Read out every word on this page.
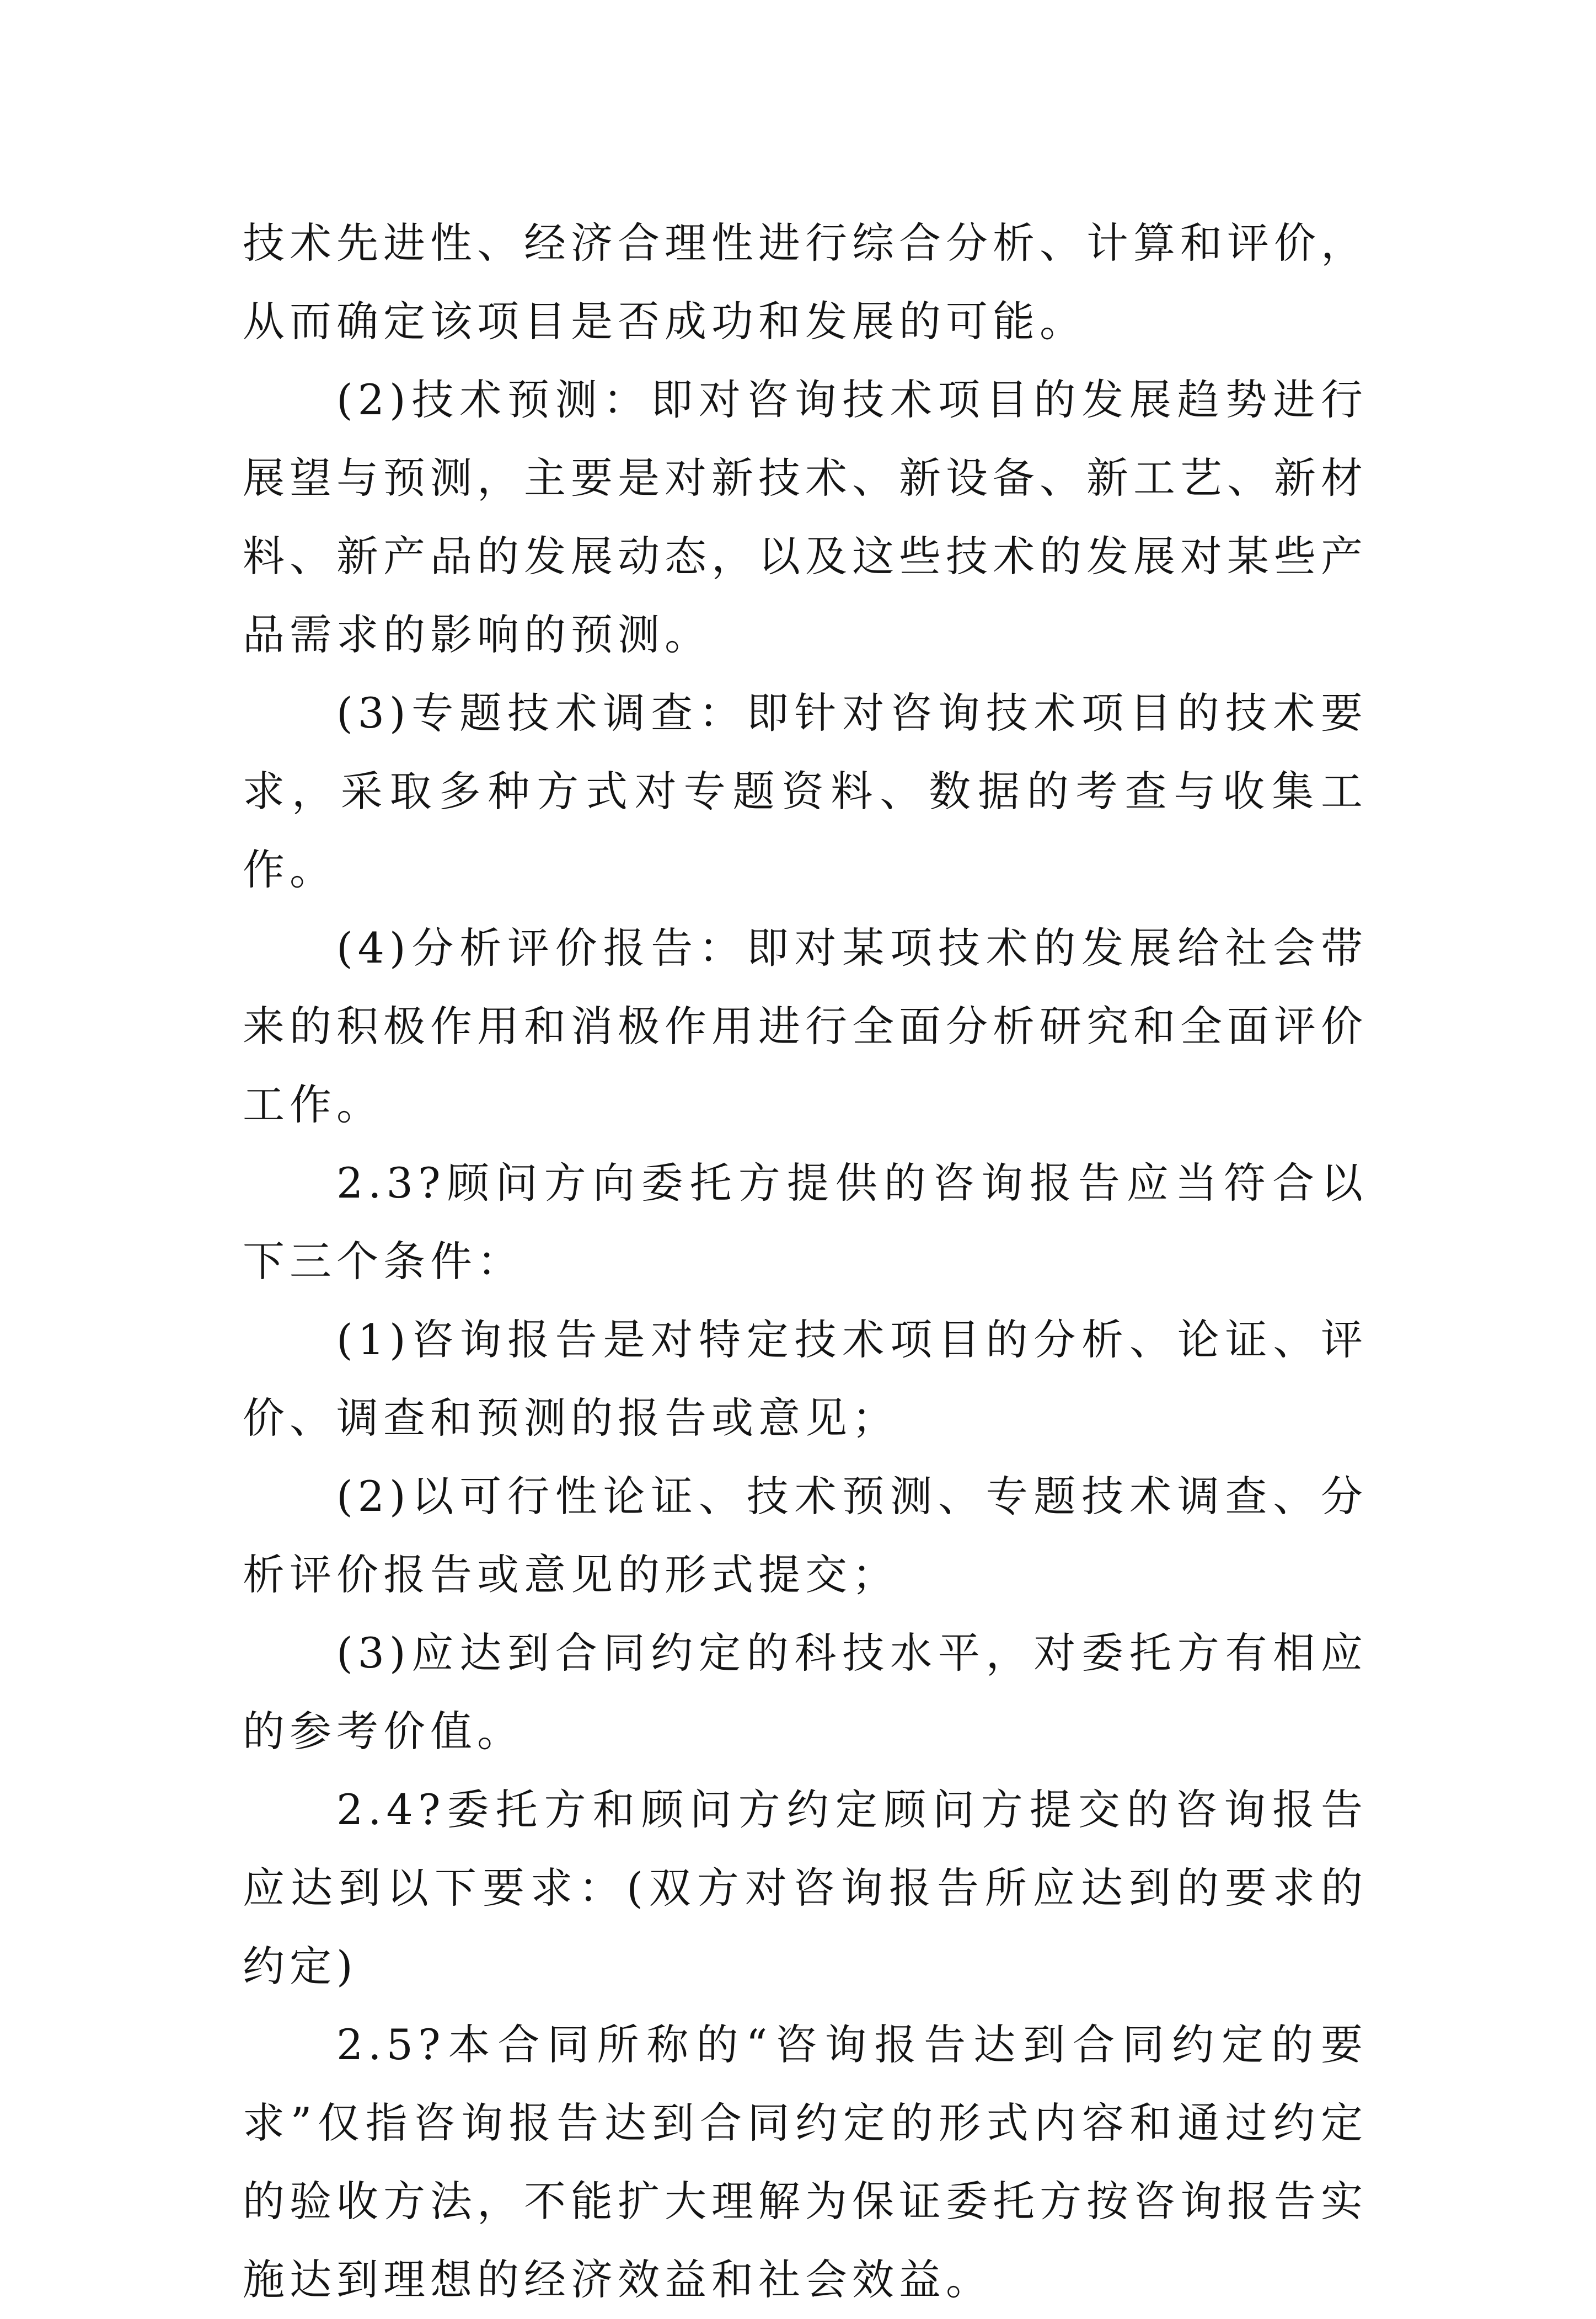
技术先进性、经济合理性进行综合分析、计算和评价，从而确定该项目是否成功和发展的可能。

(2)技术预测：即对咨询技术项目的发展趋势进行展望与预测，主要是对新技术、新设备、新工艺、新材料、新产品的发展动态，以及这些技术的发展对某些产品需求的影响的预测。

(3)专题技术调查：即针对咨询技术项目的技术要求，采取多种方式对专题资料、数据的考查与收集工作。

(4)分析评价报告：即对某项技术的发展给社会带来的积极作用和消极作用进行全面分析研究和全面评价工作。

2.3?顾问方向委托方提供的咨询报告应当符合以下三个条件：

(1)咨询报告是对特定技术项目的分析、论证、评价、调查和预测的报告或意见；

(2)以可行性论证、技术预测、专题技术调查、分析评价报告或意见的形式提交；

(3)应达到合同约定的科技水平，对委托方有相应的参考价值。

2.4?委托方和顾问方约定顾问方提交的咨询报告应达到以下要求：(双方对咨询报告所应达到的要求的约定)

2.5?本合同所称的“咨询报告达到合同约定的要求”仅指咨询报告达到合同约定的形式内容和通过约定的验收方法，不能扩大理解为保证委托方按咨询报告实施达到理想的经济效益和社会效益。
